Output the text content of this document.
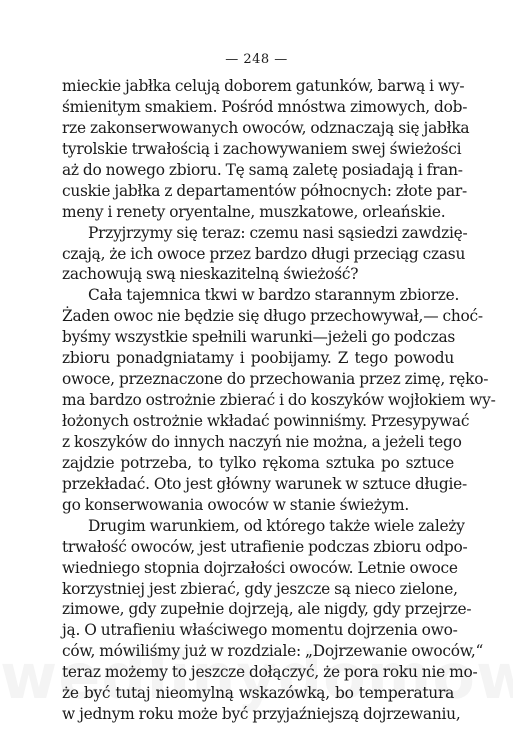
— 248 —
mieckie jabłka celują doborem gatunków, barwą i wy-
śmienitym smakiem. Pośród mnóstwa zimowych, dob-
rze zakonserwowanych owoców, odznaczają się jabłka
tyrolskie trwałością i zachowywaniem swej świeżości
aż do nowego zbioru. Tę samą zaletę posiadają i fran-
cuskie jabłka z departamentów północnych: złote par-
meny i renety oryentalne, muszkatowe, orleańskie.
Przyjrzymy się teraz: czemu nasi sąsiedzi zawdzię-
czają, że ich owoce przez bardzo długi przeciąg czasu
zachowują swą nieskazitelną świeżość?
Cała tajemnica tkwi w bardzo starannym zbiorze.
Żaden owoc nie będzie się długo przechowywał,— choć-
byśmy wszystkie spełnili warunki—jeżeli go podczas
zbioru ponadgniatamy i poobijamy. Z tego powodu
owoce, przeznaczone do przechowania przez zimę, ręko-
ma bardzo ostrożnie zbierać i do koszyków wojłokiem wy-
łożonych ostrożnie wkładać powinniśmy. Przesypywać
z koszyków do innych naczyń nie można, a jeżeli tego
zajdzie potrzeba, to tylko rękoma sztuka po sztuce
przekładać. Oto jest główny warunek w sztuce długie-
go konserwowania owoców w stanie świeżym.
Drugim warunkiem, od którego także wiele zależy
trwałość owoców, jest utrafienie podczas zbioru odpo-
wiedniego stopnia dojrzałości owoców. Letnie owoce
korzystniej jest zbierać, gdy jeszcze są nieco zielone,
zimowe, gdy zupełnie dojrzeją, ale nigdy, gdy przejrze-
ją. O utrafieniu właściwego momentu dojrzenia owo-
ców, mówiliśmy już w rozdziale: „Dojrzewanie owoców,“
teraz możemy to jeszcze dołączyć, że pora roku nie mo-
że być tutaj nieomylną wskazówką, bo temperatura
w jednym roku może być przyjaźniejszą dojrzewaniu,
